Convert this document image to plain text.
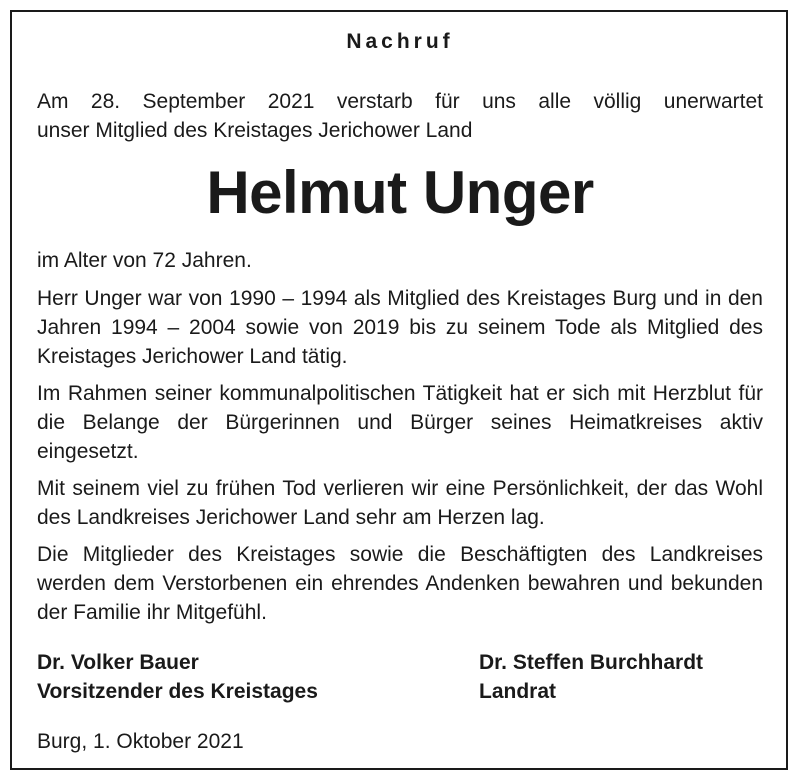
Nachruf
Am 28. September 2021 verstarb für uns alle völlig unerwartet
unser Mitglied des Kreistages Jerichower Land
Helmut Unger
im Alter von 72 Jahren.

Herr Unger war von 1990 – 1994 als Mitglied des Kreistages Burg und in den Jahren 1994 – 2004 sowie von 2019 bis zu seinem Tode als Mitglied des Kreistages Jerichower Land tätig.

Im Rahmen seiner kommunalpolitischen Tätigkeit hat er sich mit Herzblut für die Belange der Bürgerinnen und Bürger seines Heimatkreises aktiv eingesetzt.

Mit seinem viel zu frühen Tod verlieren wir eine Persönlichkeit, der das Wohl des Landkreises Jerichower Land sehr am Herzen lag.

Die Mitglieder des Kreistages sowie die Beschäftigten des Landkreises werden dem Verstorbenen ein ehrendes Andenken bewahren und bekunden der Familie ihr Mitgefühl.

Dr. Volker Bauer
Vorsitzender des Kreistages
Dr. Steffen Burchhardt
Landrat
Burg, 1. Oktober 2021
